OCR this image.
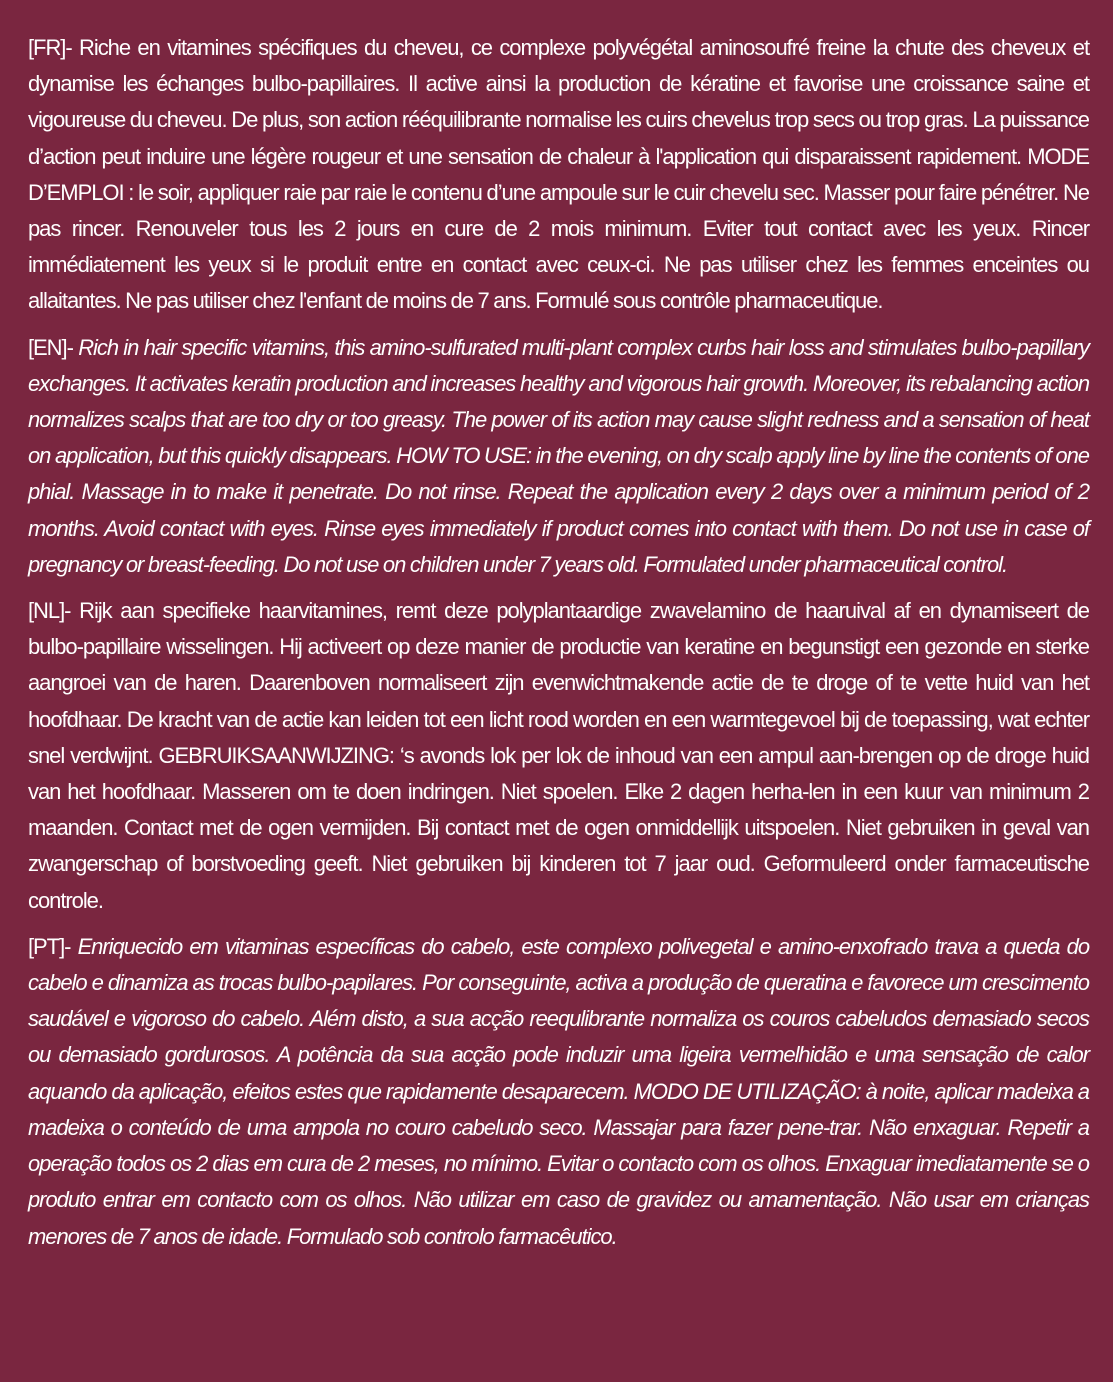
[FR]- Riche en vitamines spécifiques du cheveu, ce complexe polyvégétal aminosoufré freine la chute des cheveux et dynamise les échanges bulbo-papillaires. Il active ainsi la production de kératine et favorise une croissance saine et vigoureuse du cheveu. De plus, son action rééquilibrante normalise les cuirs chevelus trop secs ou trop gras. La puissance d’action peut induire une légère rougeur et une sensation de chaleur à l'application qui disparaissent rapidement. MODE D’EMPLOI : le soir, appliquer raie par raie le contenu d’une ampoule sur le cuir chevelu sec. Masser pour faire pénétrer. Ne pas rincer. Renouveler tous les 2 jours en cure de 2 mois minimum. Eviter tout contact avec les yeux. Rincer immédiatement les yeux si le produit entre en contact avec ceux-ci. Ne pas utiliser chez les femmes enceintes ou allaitantes. Ne pas utiliser chez l'enfant de moins de 7 ans. Formulé sous contrôle pharmaceutique.

[EN]- Rich in hair specific vitamins, this amino-sulfurated multi-plant complex curbs hair loss and stimulates bulbo-papillary exchanges. It activates keratin production and increases healthy and vigorous hair growth. Moreover, its rebalancing action normalizes scalps that are too dry or too greasy. The power of its action may cause slight redness and a sensation of heat on application, but this quickly disappears. HOW TO USE: in the evening, on dry scalp apply line by line the contents of one phial. Massage in to make it penetrate. Do not rinse. Repeat the application every 2 days over a minimum period of 2 months. Avoid contact with eyes. Rinse eyes immediately if product comes into contact with them. Do not use in case of pregnancy or breast-feeding. Do not use on children under 7 years old. Formulated under pharmaceutical control.

[NL]- Rijk aan specifieke haarvitamines, remt deze polyplantaardige zwavelamino de haaruival af en dynamiseert de bulbo-papillaire wisselingen. Hij activeert op deze manier de productie van keratine en begunstigt een gezonde en sterke aangroei van de haren. Daarenboven normaliseert zijn evenwichtmakende actie de te droge of te vette huid van het hoofdhaar. De kracht van de actie kan leiden tot een licht rood worden en een warmtegevoel bij de toepassing, wat echter snel verdwijnt. GEBRUIKSAANWIJZING: ‘s avonds lok per lok de inhoud van een ampul aan-brengen op de droge huid van het hoofdhaar. Masseren om te doen indringen. Niet spoelen. Elke 2 dagen herha-len in een kuur van minimum 2 maanden. Contact met de ogen vermijden. Bij contact met de ogen onmiddellijk uitspoelen. Niet gebruiken in geval van zwangerschap of borstvoeding geeft. Niet gebruiken bij kinderen tot 7 jaar oud. Geformuleerd onder farmaceutische controle.

[PT]- Enriquecido em vitaminas específicas do cabelo, este complexo polivegetal e amino-enxofrado trava a queda do cabelo e dinamiza as trocas bulbo-papilares. Por conseguinte, activa a produção de queratina e favorece um crescimento saudável e vigoroso do cabelo. Além disto, a sua acção reequlibrante normaliza os couros cabeludos demasiado secos ou demasiado gordurosos. A potência da sua acção pode induzir uma ligeira vermelhidão e uma sensação de calor aquando da aplicação, efeitos estes que rapidamente desaparecem. MODO DE UTILIZAÇÃO: à noite, aplicar madeixa a madeixa o conteúdo de uma ampola no couro cabeludo seco. Massajar para fazer pene-trar. Não enxaguar. Repetir a operação todos os 2 dias em cura de 2 meses, no mínimo. Evitar o contacto com os olhos. Enxaguar imediatamente se o produto entrar em contacto com os olhos. Não utilizar em caso de gravidez ou amamentação. Não usar em crianças menores de 7 anos de idade. Formulado sob controlo farmacêutico.
